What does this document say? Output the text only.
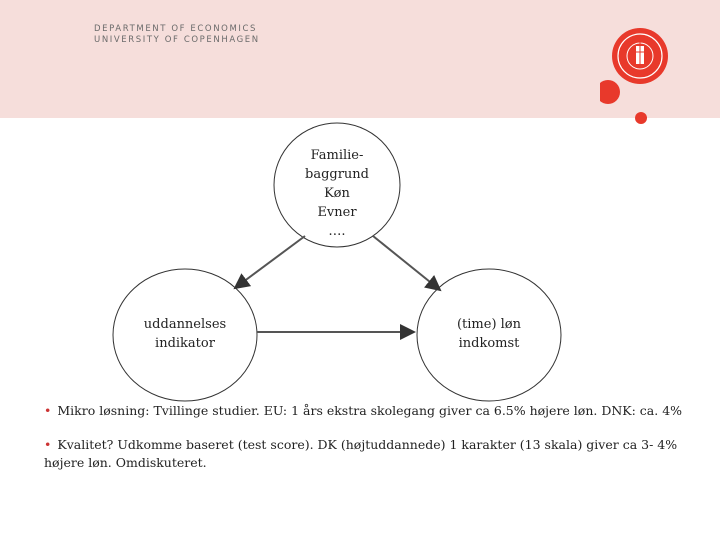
DEPARTMENT OF ECONOMICS
UNIVERSITY OF COPENHAGEN
Familie-
baggrund
Køn
Evner
….
uddannelses
indikator
(time) løn
indkomst
• Mikro løsning: Tvillinge studier. EU: 1 års ekstra skolegang giver ca 6.5% højere løn. DNK: ca. 4%
• Kvalitet? Udkomme baseret (test score). DK (højtuddannede) 1 karakter (13 skala) giver ca 3- 4%
højere løn. Omdiskuteret.
